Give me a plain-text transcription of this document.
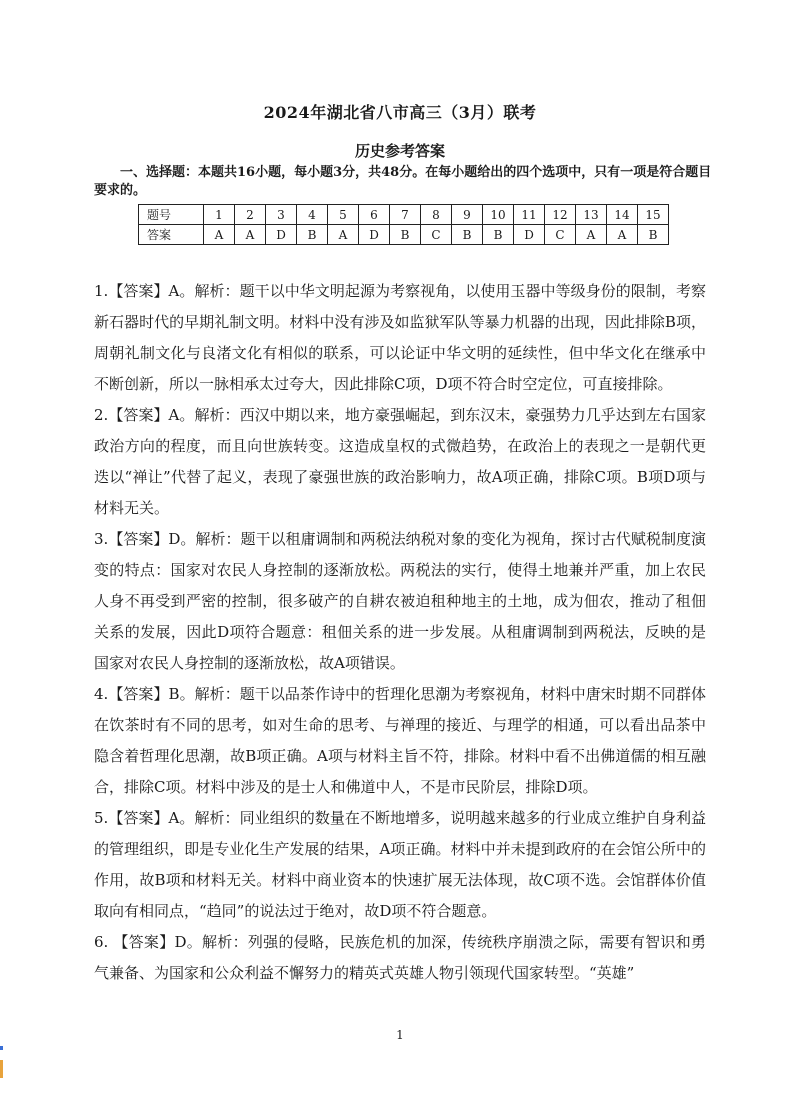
2024年湖北省八市高三（3月）联考
历史参考答案
一、选择题：本题共16小题，每小题3分，共48分。在每小题给出的四个选项中，只有一项是符合题目要求的。
题号	1	2	3	4	5	6	7	8	9	10	11	12	13	14	15
答案	A	A	D	B	A	D	B	C	B	B	D	C	A	A	B

1.【答案】A。解析：题干以中华文明起源为考察视角，以使用玉器中等级身份的限制，考察新石器时代的早期礼制文明。材料中没有涉及如监狱军队等暴力机器的出现，因此排除B项，周朝礼制文化与良渚文化有相似的联系，可以论证中华文明的延续性，但中华文化在继承中不断创新，所以一脉相承太过夸大，因此排除C项，D项不符合时空定位，可直接排除。

2.【答案】A。解析：西汉中期以来，地方豪强崛起，到东汉末，豪强势力几乎达到左右国家政治方向的程度，而且向世族转变。这造成皇权的式微趋势，在政治上的表现之一是朝代更迭以“禅让”代替了起义，表现了豪强世族的政治影响力，故A项正确，排除C项。B项D项与材料无关。

3.【答案】D。解析：题干以租庸调制和两税法纳税对象的变化为视角，探讨古代赋税制度演变的特点：国家对农民人身控制的逐渐放松。两税法的实行，使得土地兼并严重，加上农民人身不再受到严密的控制，很多破产的自耕农被迫租种地主的土地，成为佃农，推动了租佃关系的发展，因此D项符合题意：租佃关系的进一步发展。从租庸调制到两税法，反映的是国家对农民人身控制的逐渐放松，故A项错误。

4.【答案】B。解析：题干以品茶作诗中的哲理化思潮为考察视角，材料中唐宋时期不同群体在饮茶时有不同的思考，如对生命的思考、与禅理的接近、与理学的相通，可以看出品茶中隐含着哲理化思潮，故B项正确。A项与材料主旨不符，排除。材料中看不出佛道儒的相互融合，排除C项。材料中涉及的是士人和佛道中人，不是市民阶层，排除D项。

5.【答案】A。解析：同业组织的数量在不断地增多，说明越来越多的行业成立维护自身利益的管理组织，即是专业化生产发展的结果，A项正确。材料中并未提到政府的在会馆公所中的作用，故B项和材料无关。材料中商业资本的快速扩展无法体现，故C项不选。会馆群体价值取向有相同点，“趋同”的说法过于绝对，故D项不符合题意。

6. 【答案】D。解析：列强的侵略，民族危机的加深，传统秩序崩溃之际，需要有智识和勇气兼备、为国家和公众利益不懈努力的精英式英雄人物引领现代国家转型。“英雄”

1
